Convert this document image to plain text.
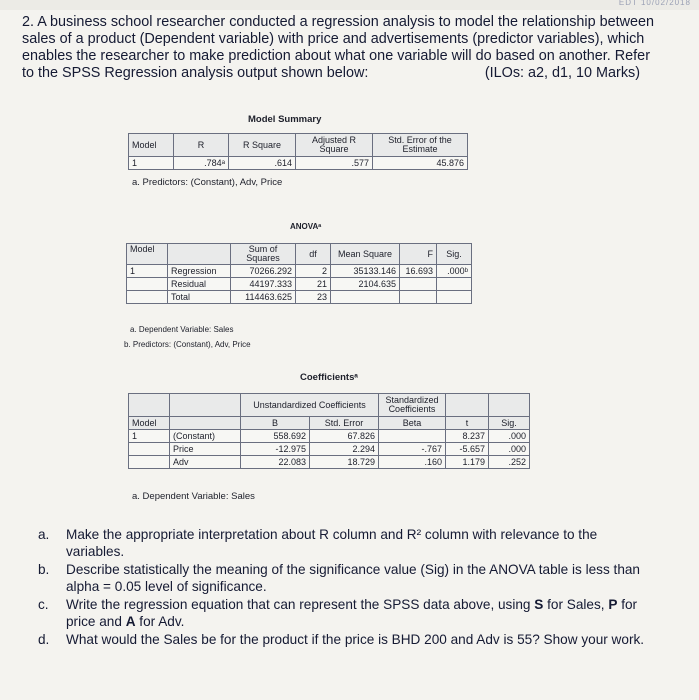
EDT 10/02/2018
2. A business school researcher conducted a regression analysis to model the relationship between sales of a product (Dependent variable) with price and advertisements (predictor variables), which enables the researcher to make prediction about what one variable will do based on another. Refer to the SPSS Regression analysis output shown below:	(ILOs: a2, d1, 10 Marks)
Model Summary
Model	R	R Square	Adjusted R Square	Std. Error of the Estimate
1	.784ᵃ	.614	.577	45.876
a. Predictors: (Constant), Adv, Price
ANOVAᵃ
Model		Sum of Squares	df	Mean Square	F	Sig.
1	Regression	70266.292	2	35133.146	16.693	.000ᵇ
	Residual	44197.333	21	2104.635		
	Total	114463.625	23			
a. Dependent Variable: Sales
b. Predictors: (Constant), Adv, Price
Coefficientsᵃ
		Unstandardized Coefficients		Standardized Coefficients		
Model		B	Std. Error	Beta	t	Sig.
1	(Constant)	558.692	67.826		8.237	.000
	Price	-12.975	2.294	-.767	-5.657	.000
	Adv	22.083	18.729	.160	1.179	.252
a. Dependent Variable: Sales
a. Make the appropriate interpretation about R column and R² column with relevance to the variables.
b. Describe statistically the meaning of the significance value (Sig) in the ANOVA table is less than alpha = 0.05 level of significance.
c. Write the regression equation that can represent the SPSS data above, using S for Sales, P for price and A for Adv.
d. What would the Sales be for the product if the price is BHD 200 and Adv is 55? Show your work.
